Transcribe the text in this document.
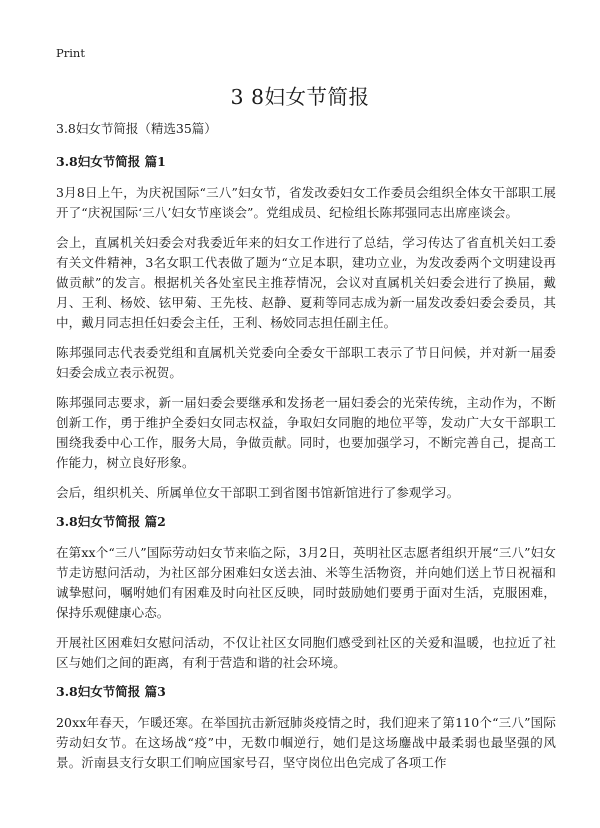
Print
3 8妇女节简报

3.8妇女节简报（精选35篇）

3.8妇女节简报 篇1

3月8日上午，为庆祝国际“三八”妇女节，省发改委妇女工作委员会组织全体女干部职工展开了“庆祝国际‘三八’妇女节座谈会”。党组成员、纪检组长陈邦强同志出席座谈会。

会上，直属机关妇委会对我委近年来的妇女工作进行了总结，学习传达了省直机关妇工委有关文件精神，3名女职工代表做了题为“立足本职，建功立业，为发改委两个文明建设再做贡献”的发言。根据机关各处室民主推荐情况，会议对直属机关妇委会进行了换届，戴月、王利、杨姣、铉甲菊、王先枝、赵静、夏莉等同志成为新一届发改委妇委会委员，其中，戴月同志担任妇委会主任，王利、杨姣同志担任副主任。

陈邦强同志代表委党组和直属机关党委向全委女干部职工表示了节日问候，并对新一届委妇委会成立表示祝贺。

陈邦强同志要求，新一届妇委会要继承和发扬老一届妇委会的光荣传统，主动作为，不断创新工作，勇于维护全委妇女同志权益，争取妇女同胞的地位平等，发动广大女干部职工围绕我委中心工作，服务大局，争做贡献。同时，也要加强学习，不断完善自己，提高工作能力，树立良好形象。

会后，组织机关、所属单位女干部职工到省图书馆新馆进行了参观学习。

3.8妇女节简报 篇2

在第xx个“三八”国际劳动妇女节来临之际，3月2日，英明社区志愿者组织开展“三八”妇女节走访慰问活动，为社区部分困难妇女送去油、米等生活物资，并向她们送上节日祝福和诚挚慰问，嘱咐她们有困难及时向社区反映，同时鼓励她们要勇于面对生活，克服困难，保持乐观健康心态。

开展社区困难妇女慰问活动，不仅让社区女同胞们感受到社区的关爱和温暖，也拉近了社区与她们之间的距离，有利于营造和谐的社会环境。

3.8妇女节简报 篇3

20xx年春天，乍暖还寒。在举国抗击新冠肺炎疫情之时，我们迎来了第110个“三八”国际劳动妇女节。在这场战“疫”中，无数巾帼逆行，她们是这场鏖战中最柔弱也最坚强的风景。沂南县支行女职工们响应国家号召，坚守岗位出色完成了各项工作
